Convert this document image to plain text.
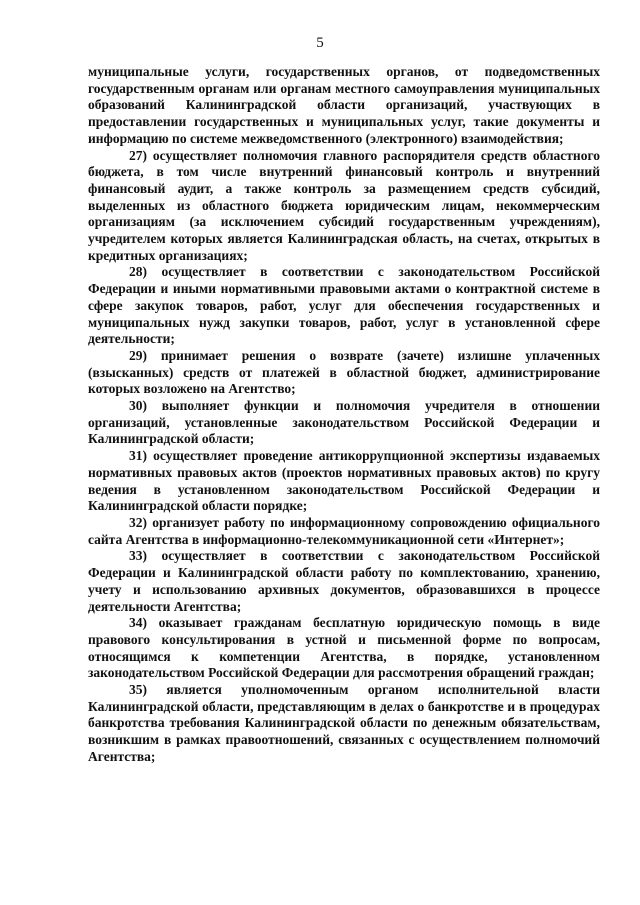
5

муниципальные услуги, государственных органов, от подведомственных государственным органам или органам местного самоуправления муниципальных образований Калининградской области организаций, участвующих в предоставлении государственных и муниципальных услуг, такие документы и информацию по системе межведомственного (электронного) взаимодействия;

27) осуществляет полномочия главного распорядителя средств областного бюджета, в том числе внутренний финансовый контроль и внутренний финансовый аудит, а также контроль за размещением средств субсидий, выделенных из областного бюджета юридическим лицам, некоммерческим организациям (за исключением субсидий государственным учреждениям), учредителем которых является Калининградская область, на счетах, открытых в кредитных организациях;

28) осуществляет в соответствии с законодательством Российской Федерации и иными нормативными правовыми актами о контрактной системе в сфере закупок товаров, работ, услуг для обеспечения государственных и муниципальных нужд закупки товаров, работ, услуг в установленной сфере деятельности;

29) принимает решения о возврате (зачете) излишне уплаченных (взысканных) средств от платежей в областной бюджет, администрирование которых возложено на Агентство;

30) выполняет функции и полномочия учредителя в отношении организаций, установленные законодательством Российской Федерации и Калининградской области;

31) осуществляет проведение антикоррупционной экспертизы издаваемых нормативных правовых актов (проектов нормативных правовых актов) по кругу ведения в установленном законодательством Российской Федерации и Калининградской области порядке;

32) организует работу по информационному сопровождению официального сайта Агентства в информационно-телекоммуникационной сети «Интернет»;

33) осуществляет в соответствии с законодательством Российской Федерации и Калининградской области работу по комплектованию, хранению, учету и использованию архивных документов, образовавшихся в процессе деятельности Агентства;

34) оказывает гражданам бесплатную юридическую помощь в виде правового консультирования в устной и письменной форме по вопросам, относящимся к компетенции Агентства, в порядке, установленном законодательством Российской Федерации для рассмотрения обращений граждан;

35) является уполномоченным органом исполнительной власти Калининградской области, представляющим в делах о банкротстве и в процедурах банкротства требования Калининградской области по денежным обязательствам, возникшим в рамках правоотношений, связанных с осуществлением полномочий Агентства;
